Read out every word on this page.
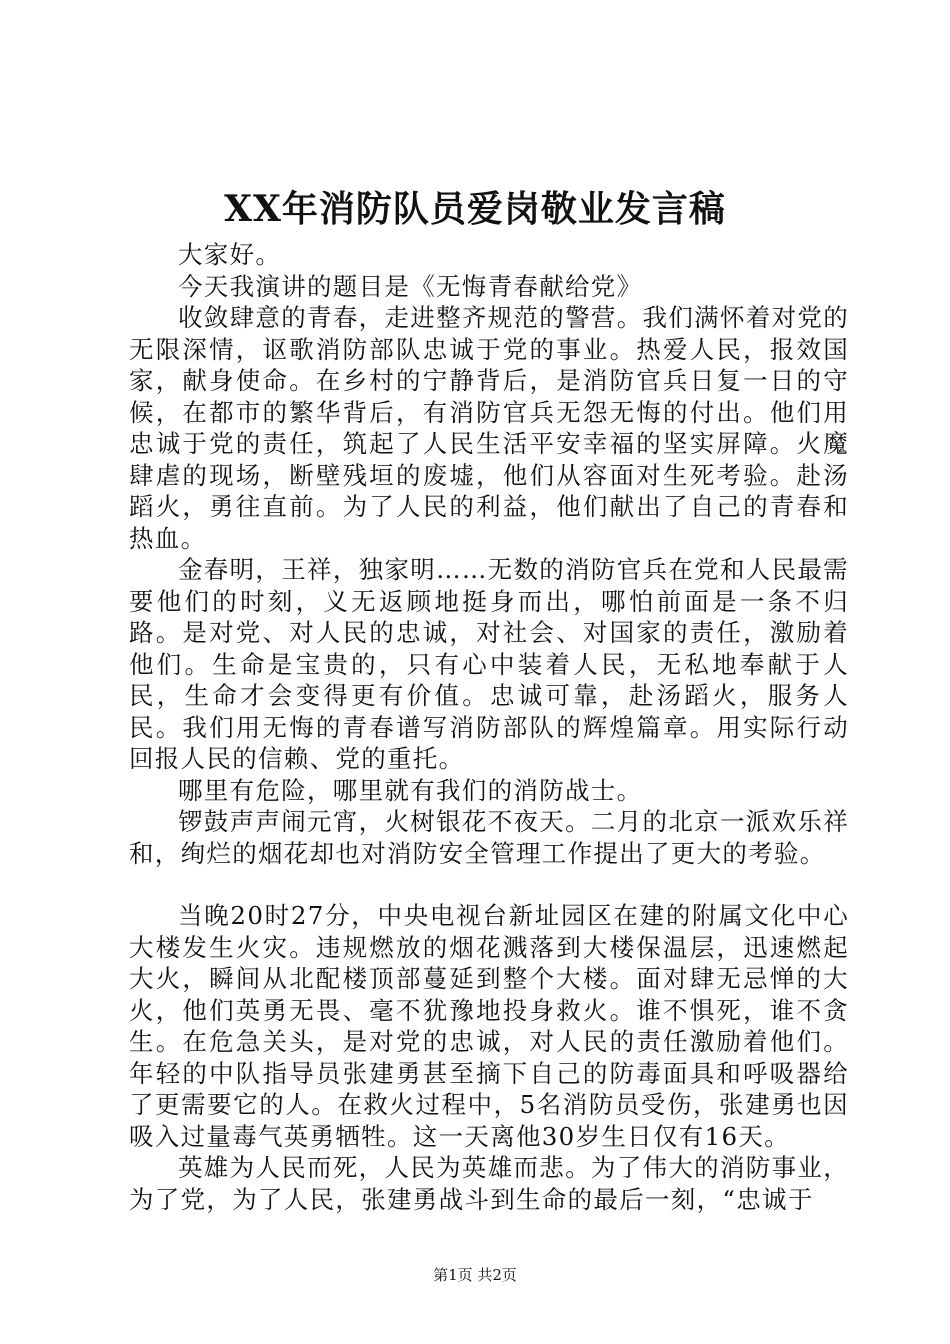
XX年消防队员爱岗敬业发言稿

大家好。

今天我演讲的题目是《无悔青春献给党》

收敛肆意的青春，走进整齐规范的警营。我们满怀着对党的无限深情，讴歌消防部队忠诚于党的事业。热爱人民，报效国家，献身使命。在乡村的宁静背后，是消防官兵日复一日的守候，在都市的繁华背后，有消防官兵无怨无悔的付出。他们用忠诚于党的责任，筑起了人民生活平安幸福的坚实屏障。火魔肆虐的现场，断壁残垣的废墟，他们从容面对生死考验。赴汤蹈火，勇往直前。为了人民的利益，他们献出了自己的青春和热血。

金春明，王祥，独家明……无数的消防官兵在党和人民最需要他们的时刻，义无返顾地挺身而出，哪怕前面是一条不归路。是对党、对人民的忠诚，对社会、对国家的责任，激励着他们。生命是宝贵的，只有心中装着人民，无私地奉献于人民，生命才会变得更有价值。忠诚可靠，赴汤蹈火，服务人民。我们用无悔的青春谱写消防部队的辉煌篇章。用实际行动回报人民的信赖、党的重托。

哪里有危险，哪里就有我们的消防战士。

锣鼓声声闹元宵，火树银花不夜天。二月的北京一派欢乐祥和，绚烂的烟花却也对消防安全管理工作提出了更大的考验。

当晚20时27分，中央电视台新址园区在建的附属文化中心大楼发生火灾。违规燃放的烟花溅落到大楼保温层，迅速燃起大火，瞬间从北配楼顶部蔓延到整个大楼。面对肆无忌惮的大火，他们英勇无畏、毫不犹豫地投身救火。谁不惧死，谁不贪生。在危急关头，是对党的忠诚，对人民的责任激励着他们。年轻的中队指导员张建勇甚至摘下自己的防毒面具和呼吸器给了更需要它的人。在救火过程中，5名消防员受伤，张建勇也因吸入过量毒气英勇牺牲。这一天离他30岁生日仅有16天。

英雄为人民而死，人民为英雄而悲。为了伟大的消防事业，为了党，为了人民，张建勇战斗到生命的最后一刻，“忠诚于

第1页 共2页
